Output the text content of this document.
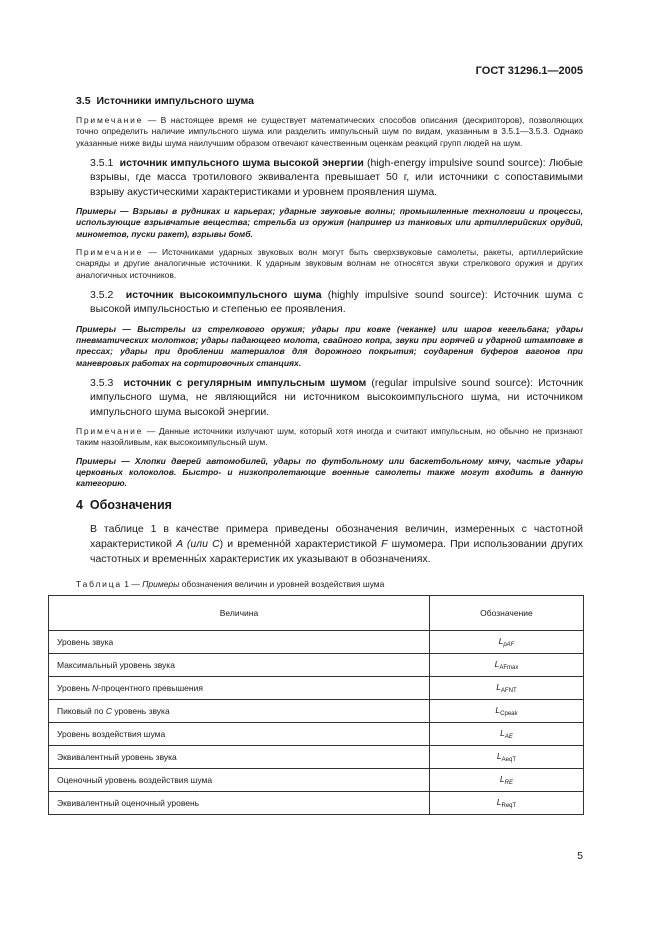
ГОСТ 31296.1—2005

3.5 Источники импульсного шума

Примечание — В настоящее время не существует математических способов описания (дескрипторов), позволяющих точно определить наличие импульсного шума или разделить импульсный шум по видам, указанным в 3.5.1—3.5.3. Однако указанные ниже виды шума наилучшим образом отвечают качественным оценкам реакций групп людей на шум.

3.5.1 источник импульсного шума высокой энергии (high-energy impulsive sound source): Любые взрывы, где масса тротилового эквивалента превышает 50 г, или источники с сопоставимыми взрыву акустическими характеристиками и уровнем проявления шума.

Примеры — Взрывы в рудниках и карьерах; ударные звуковые волны; промышленные технологии и процессы, использующие взрывчатые вещества; стрельба из оружия (например из танковых или артиллерийских орудий, минометов, пуски ракет), взрывы бомб.

Примечание — Источниками ударных звуковых волн могут быть сверхзвуковые самолеты, ракеты, артиллерийские снаряды и другие аналогичные источники. К ударным звуковым волнам не относятся звуки стрелкового оружия и других аналогичных источников.

3.5.2 источник высокоимпульсного шума (highly impulsive sound source): Источник шума с высокой импульсностью и степенью ее проявления.

Примеры — Выстрелы из стрелкового оружия; удары при ковке (чеканке) или шаров кегельбана; удары пневматических молотков; удары падающего молота, свайного копра, звуки при горячей и ударной штамповке в прессах; удары при дроблении материалов для дорожного покрытия; соударения буферов вагонов при маневровых работах на сортировочных станциях.

3.5.3 источник с регулярным импульсным шумом (regular impulsive sound source): Источник импульсного шума, не являющийся ни источником высокоимпульсного шума, ни источником импульсного шума высокой энергии.

Примечание — Данные источники излучают шум, который хотя иногда и считают импульсным, но обычно не признают таким назойливым, как высокоимпульсный шум.

Примеры — Хлопки дверей автомобилей, удары по футбольному или баскетбольному мячу, частые удары церковных колоколов. Быстро- и низкопролетающие военные самолеты также могут входить в данную категорию.

4 Обозначения

В таблице 1 в качестве примера приведены обозначения величин, измеренных с частотной характеристикой A (или C) и временно́й характеристикой F шумомера. При использовании других частотных и временны́х характеристик их указывают в обозначениях.

Таблица 1 — Примеры обозначения величин и уровней воздействия шума

Величина	Обозначение
Уровень звука	$L_{pAF}$
Максимальный уровень звука	$L_{AFmax}$
Уровень N-процентного превышения	$L_{AFNT}$
Пиковый по C уровень звука	$L_{Cpeak}$
Уровень воздействия шума	$L_{AE}$
Эквивалентный уровень звука	$L_{AeqT}$
Оценочный уровень воздействия шума	$L_{RE}$
Эквивалентный оценочный уровень	$L_{ReqT}$
5
